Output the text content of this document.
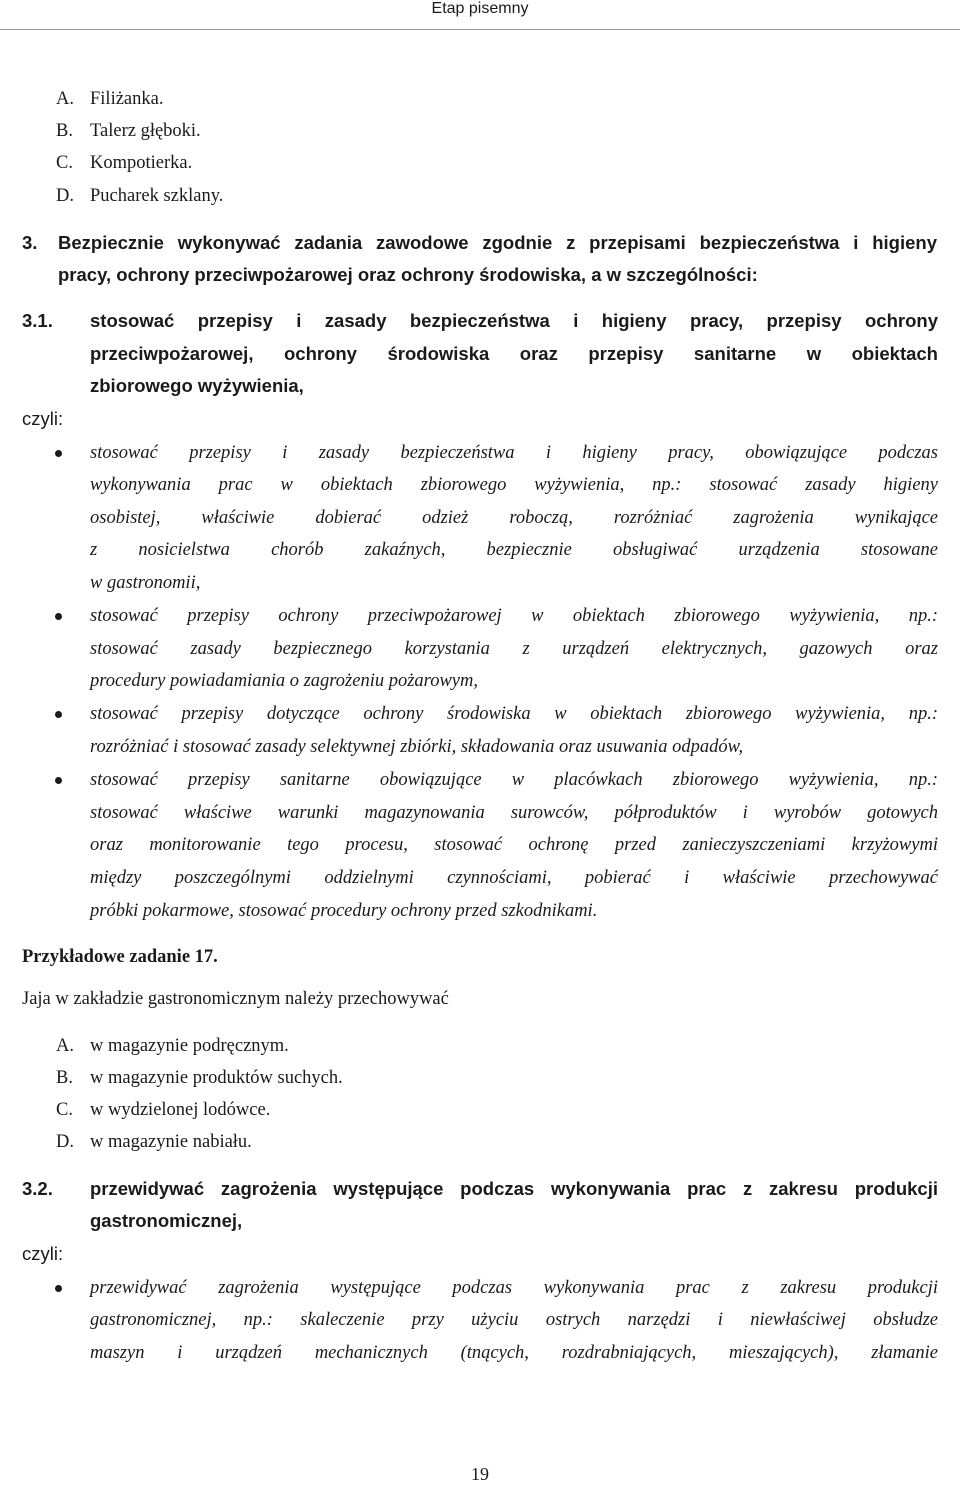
Etap pisemny
A. Filiżanka.
B. Talerz głęboki.
C. Kompotierka.
D. Pucharek szklany.
3. Bezpiecznie wykonywać zadania zawodowe zgodnie z przepisami bezpieczeństwa i higieny
pracy, ochrony przeciwpożarowej oraz ochrony środowiska, a w szczególności:
3.1. stosować przepisy i zasady bezpieczeństwa i higieny pracy, przepisy ochrony
przeciwpożarowej, ochrony środowiska oraz przepisy sanitarne w obiektach
zbiorowego wyżywienia,
czyli:
stosować przepisy i zasady bezpieczeństwa i higieny pracy, obowiązujące podczas
wykonywania prac w obiektach zbiorowego wyżywienia, np.: stosować zasady higieny
osobistej, właściwie dobierać odzież roboczą, rozróżniać zagrożenia wynikające
z nosicielstwa chorób zakaźnych, bezpiecznie obsługiwać urządzenia stosowane
w gastronomii,
stosować przepisy ochrony przeciwpożarowej w obiektach zbiorowego wyżywienia, np.:
stosować zasady bezpiecznego korzystania z urządzeń elektrycznych, gazowych oraz
procedury powiadamiania o zagrożeniu pożarowym,
stosować przepisy dotyczące ochrony środowiska w obiektach zbiorowego wyżywienia, np.:
rozróżniać i stosować zasady selektywnej zbiórki, składowania oraz usuwania odpadów,
stosować przepisy sanitarne obowiązujące w placówkach zbiorowego wyżywienia, np.:
stosować właściwe warunki magazynowania surowców, półproduktów i wyrobów gotowych
oraz monitorowanie tego procesu, stosować ochronę przed zanieczyszczeniami krzyżowymi
między poszczególnymi oddzielnymi czynnościami, pobierać i właściwie przechowywać
próbki pokarmowe, stosować procedury ochrony przed szkodnikami.
Przykładowe zadanie 17.
Jaja w zakładzie gastronomicznym należy przechowywać
A. w magazynie podręcznym.
B. w magazynie produktów suchych.
C. w wydzielonej lodówce.
D. w magazynie nabiału.
3.2. przewidywać zagrożenia występujące podczas wykonywania prac z zakresu produkcji
gastronomicznej,
czyli:
przewidywać zagrożenia występujące podczas wykonywania prac z zakresu produkcji
gastronomicznej, np.: skaleczenie przy użyciu ostrych narzędzi i niewłaściwej obsłudze
maszyn i urządzeń mechanicznych (tnących, rozdrabniających, mieszających), złamanie
19
